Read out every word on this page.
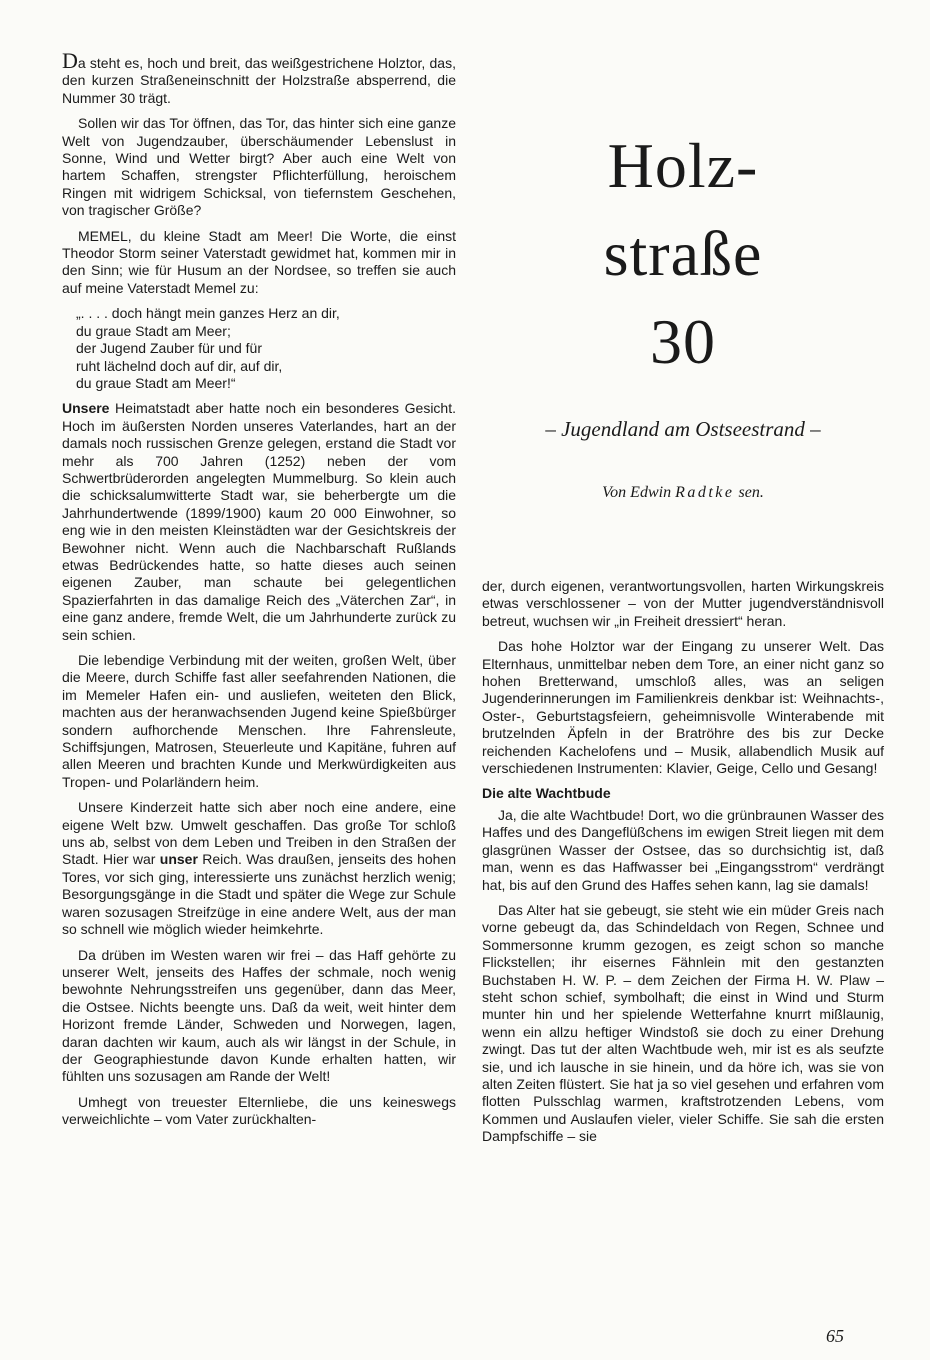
Da steht es, hoch und breit, das weißgestrichene Holztor, das, den kurzen Straßeneinschnitt der Holzstraße absperrend, die Nummer 30 trägt.

Sollen wir das Tor öffnen, das Tor, das hinter sich eine ganze Welt von Jugendzauber, überschäumender Lebenslust in Sonne, Wind und Wetter birgt? Aber auch eine Welt von hartem Schaffen, strengster Pflichterfüllung, heroischem Ringen mit widrigem Schicksal, von tiefernstem Geschehen, von tragischer Größe?

MEMEL, du kleine Stadt am Meer! Die Worte, die einst Theodor Storm seiner Vaterstadt gewidmet hat, kommen mir in den Sinn; wie für Husum an der Nordsee, so treffen sie auch auf meine Vaterstadt Memel zu:

„. . . . doch hängt mein ganzes Herz an dir,
du graue Stadt am Meer;
der Jugend Zauber für und für
ruht lächelnd doch auf dir, auf dir,
du graue Stadt am Meer!“

Unsere Heimatstadt aber hatte noch ein besonderes Gesicht. Hoch im äußersten Norden unseres Vaterlandes, hart an der damals noch russischen Grenze gelegen, erstand die Stadt vor mehr als 700 Jahren (1252) neben der vom Schwertbrüderorden angelegten Mummelburg. So klein auch die schicksalumwitterte Stadt war, sie beherbergte um die Jahrhundertwende (1899/1900) kaum 20 000 Einwohner, so eng wie in den meisten Kleinstädten war der Gesichtskreis der Bewohner nicht. Wenn auch die Nachbarschaft Rußlands etwas Bedrückendes hatte, so hatte dieses auch seinen eigenen Zauber, man schaute bei gelegentlichen Spazierfahrten in das damalige Reich des „Väterchen Zar“, in eine ganz andere, fremde Welt, die um Jahrhunderte zurück zu sein schien.

Die lebendige Verbindung mit der weiten, großen Welt, über die Meere, durch Schiffe fast aller seefahrenden Nationen, die im Memeler Hafen ein- und ausliefen, weiteten den Blick, machten aus der heranwachsenden Jugend keine Spießbürger sondern aufhorchende Menschen. Ihre Fahrensleute, Schiffsjungen, Matrosen, Steuerleute und Kapitäne, fuhren auf allen Meeren und brachten Kunde und Merkwürdigkeiten aus Tropen- und Polarländern heim.

Unsere Kinderzeit hatte sich aber noch eine andere, eine eigene Welt bzw. Umwelt geschaffen. Das große Tor schloß uns ab, selbst von dem Leben und Treiben in den Straßen der Stadt. Hier war unser Reich. Was draußen, jenseits des hohen Tores, vor sich ging, interessierte uns zunächst herzlich wenig; Besorgungsgänge in die Stadt und später die Wege zur Schule waren sozusagen Streifzüge in eine andere Welt, aus der man so schnell wie möglich wieder heimkehrte.

Da drüben im Westen waren wir frei – das Haff gehörte zu unserer Welt, jenseits des Haffes der schmale, noch wenig bewohnte Nehrungsstreifen uns gegenüber, dann das Meer, die Ostsee. Nichts beengte uns. Daß da weit, weit hinter dem Horizont fremde Länder, Schweden und Norwegen, lagen, daran dachten wir kaum, auch als wir längst in der Schule, in der Geographiestunde davon Kunde erhalten hatten, wir fühlten uns sozusagen am Rande der Welt!

Umhegt von treuester Elternliebe, die uns keineswegs verweichlichte – vom Vater zurückhalten-

Holz-
straße
30
– Jugendland am Ostseestrand –
Von Edwin Radtke sen.

der, durch eigenen, verantwortungsvollen, harten Wirkungskreis etwas verschlossener – von der Mutter jugendverständnisvoll betreut, wuchsen wir „in Freiheit dressiert“ heran.

Das hohe Holztor war der Eingang zu unserer Welt. Das Elternhaus, unmittelbar neben dem Tore, an einer nicht ganz so hohen Bretterwand, umschloß alles, was an seligen Jugenderinnerungen im Familienkreis denkbar ist: Weihnachts-, Oster-, Geburtstagsfeiern, geheimnisvolle Winterabende mit brutzelnden Äpfeln in der Bratröhre des bis zur Decke reichenden Kachelofens und – Musik, allabendlich Musik auf verschiedenen Instrumenten: Klavier, Geige, Cello und Gesang!

Die alte Wachtbude

Ja, die alte Wachtbude! Dort, wo die grünbraunen Wasser des Haffes und des Dangeflüßchens im ewigen Streit liegen mit dem glasgrünen Wasser der Ostsee, das so durchsichtig ist, daß man, wenn es das Haffwasser bei „Eingangsstrom“ verdrängt hat, bis auf den Grund des Haffes sehen kann, lag sie damals!

Das Alter hat sie gebeugt, sie steht wie ein müder Greis nach vorne gebeugt da, das Schindeldach von Regen, Schnee und Sommersonne krumm gezogen, es zeigt schon so manche Flickstellen; ihr eisernes Fähnlein mit den gestanzten Buchstaben H. W. P. – dem Zeichen der Firma H. W. Plaw – steht schon schief, symbolhaft; die einst in Wind und Sturm munter hin und her spielende Wetterfahne knurrt mißlaunig, wenn ein allzu heftiger Windstoß sie doch zu einer Drehung zwingt. Das tut der alten Wachtbude weh, mir ist es als seufzte sie, und ich lausche in sie hinein, und da höre ich, was sie von alten Zeiten flüstert. Sie hat ja so viel gesehen und erfahren vom flotten Pulsschlag warmen, kraftstrotzenden Lebens, vom Kommen und Auslaufen vieler, vieler Schiffe. Sie sah die ersten Dampfschiffe – sie

65
